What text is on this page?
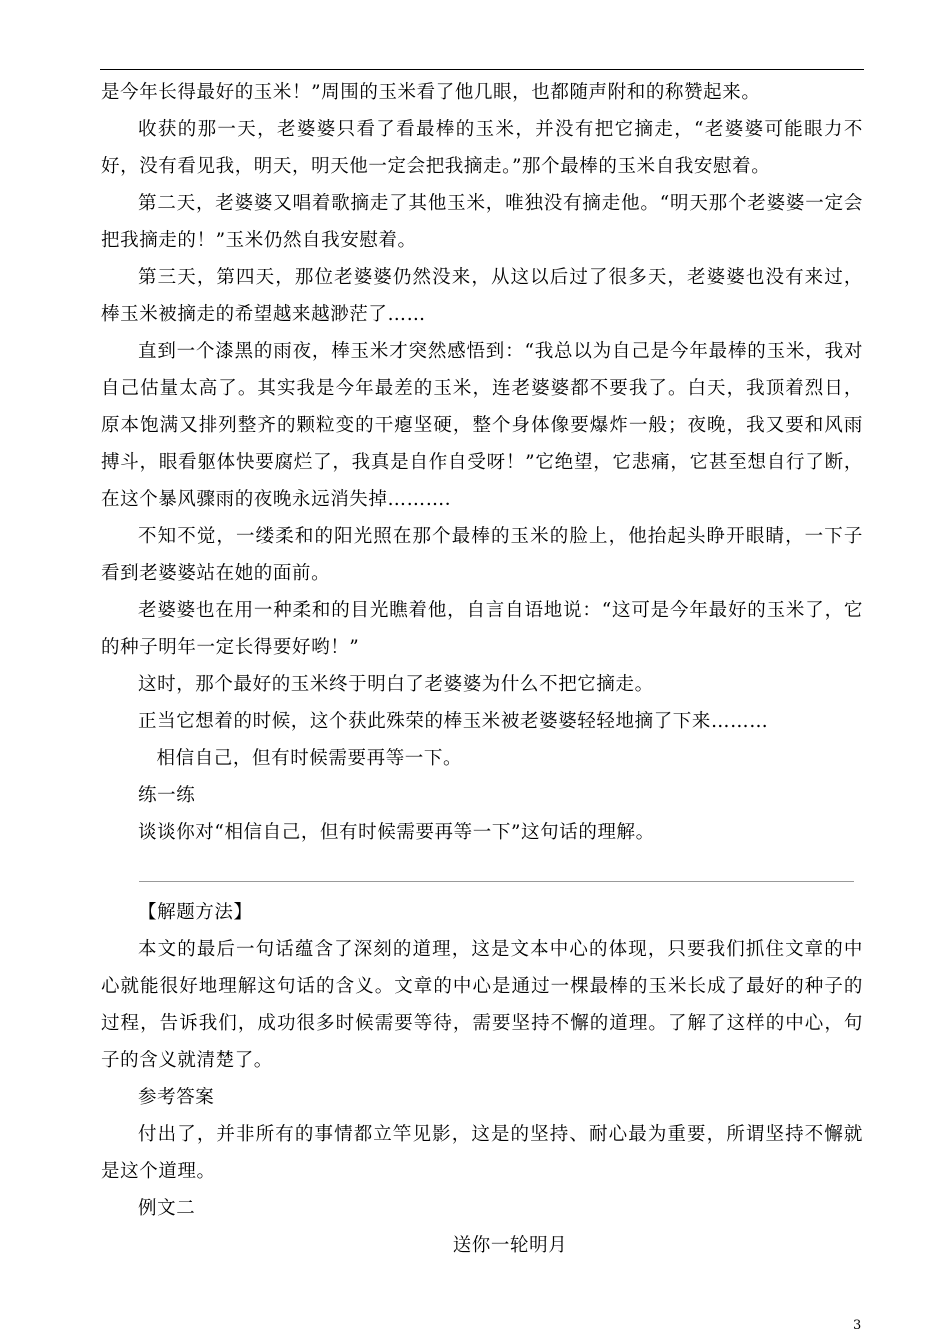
是今年长得最好的玉米！”周围的玉米看了他几眼，也都随声附和的称赞起来。

收获的那一天，老婆婆只看了看最棒的玉米，并没有把它摘走，“老婆婆可能眼力不好，没有看见我，明天，明天他一定会把我摘走。”那个最棒的玉米自我安慰着。

第二天，老婆婆又唱着歌摘走了其他玉米，唯独没有摘走他。“明天那个老婆婆一定会把我摘走的！”玉米仍然自我安慰着。

第三天，第四天，那位老婆婆仍然没来，从这以后过了很多天，老婆婆也没有来过，棒玉米被摘走的希望越来越渺茫了……

直到一个漆黑的雨夜，棒玉米才突然感悟到：“我总以为自己是今年最棒的玉米，我对自己估量太高了。其实我是今年最差的玉米，连老婆婆都不要我了。白天，我顶着烈日，原本饱满又排列整齐的颗粒变的干瘪坚硬，整个身体像要爆炸一般；夜晚，我又要和风雨搏斗，眼看躯体快要腐烂了，我真是自作自受呀！”它绝望，它悲痛，它甚至想自行了断，在这个暴风骤雨的夜晚永远消失掉………．

不知不觉，一缕柔和的阳光照在那个最棒的玉米的脸上，他抬起头睁开眼睛，一下子看到老婆婆站在她的面前。

老婆婆也在用一种柔和的目光瞧着他，自言自语地说：“这可是今年最好的玉米了，它的种子明年一定长得要好哟！”

这时，那个最好的玉米终于明白了老婆婆为什么不把它摘走。

正当它想着的时候，这个获此殊荣的棒玉米被老婆婆轻轻地摘了下来………

相信自己，但有时候需要再等一下。

练一练

谈谈你对“相信自己，但有时候需要再等一下”这句话的理解。

【解题方法】

本文的最后一句话蕴含了深刻的道理，这是文本中心的体现，只要我们抓住文章的中心就能很好地理解这句话的含义。文章的中心是通过一棵最棒的玉米长成了最好的种子的过程，告诉我们，成功很多时候需要等待，需要坚持不懈的道理。了解了这样的中心，句子的含义就清楚了。

参考答案

付出了，并非所有的事情都立竿见影，这是的坚持、耐心最为重要，所谓坚持不懈就是这个道理。

例文二

送你一轮明月

3
